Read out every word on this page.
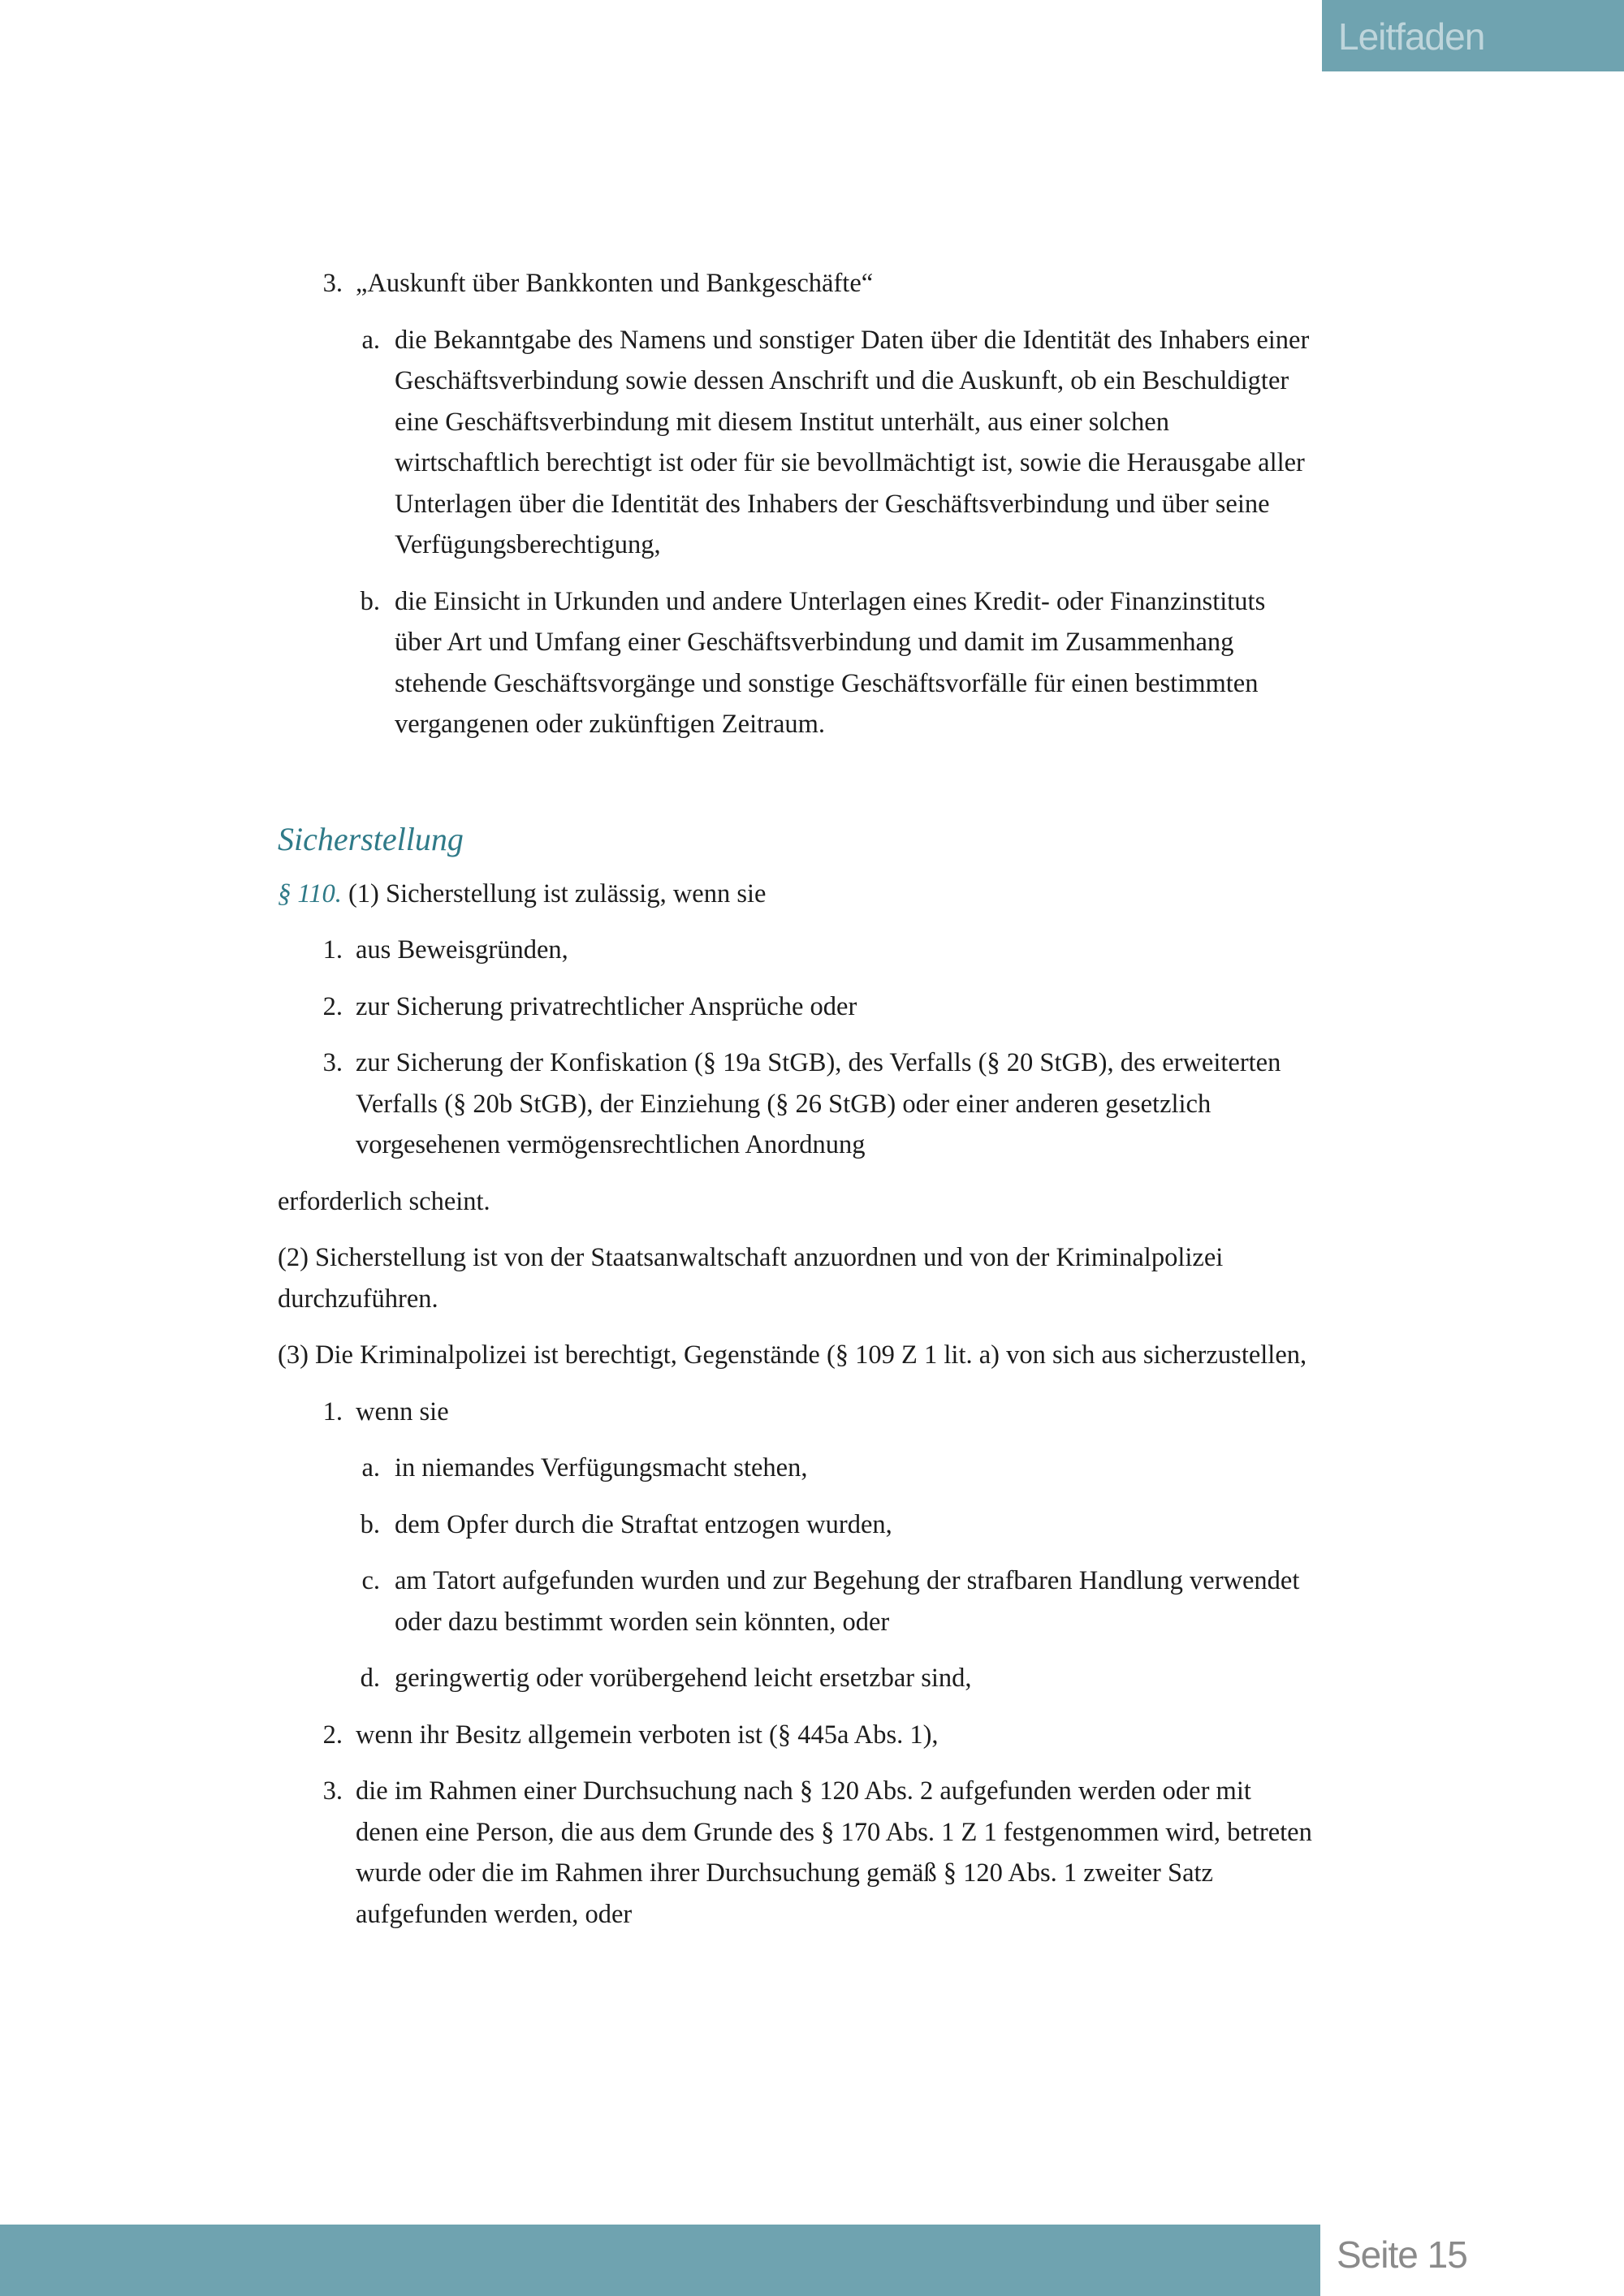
Leitfaden
3. „Auskunft über Bankkonten und Bankgeschäfte“
a. die Bekanntgabe des Namens und sonstiger Daten über die Identität des Inhabers einer Geschäftsverbindung sowie dessen Anschrift und die Auskunft, ob ein Beschuldigter eine Geschäftsverbindung mit diesem Institut unterhält, aus einer solchen wirtschaftlich berechtigt ist oder für sie bevollmächtigt ist, sowie die Herausgabe aller Unterlagen über die Identität des Inhabers der Geschäftsverbindung und über seine Verfügungsberechtigung,
b. die Einsicht in Urkunden und andere Unterlagen eines Kredit- oder Finanzinstituts über Art und Umfang einer Geschäftsverbindung und damit im Zusammenhang stehende Geschäftsvorgänge und sonstige Geschäftsvorfälle für einen bestimmten vergangenen oder zukünftigen Zeitraum.
Sicherstellung
§ 110. (1) Sicherstellung ist zulässig, wenn sie
1. aus Beweisgründen,
2. zur Sicherung privatrechtlicher Ansprüche oder
3. zur Sicherung der Konfiskation (§ 19a StGB), des Verfalls (§ 20 StGB), des erweiterten Verfalls (§ 20b StGB), der Einziehung (§ 26 StGB) oder einer anderen gesetzlich vorgesehenen vermögensrechtlichen Anordnung
erforderlich scheint.
(2) Sicherstellung ist von der Staatsanwaltschaft anzuordnen und von der Kriminalpolizei durchzuführen.
(3) Die Kriminalpolizei ist berechtigt, Gegenstände (§ 109 Z 1 lit. a) von sich aus sicherzustellen,
1. wenn sie
a. in niemandes Verfügungsmacht stehen,
b. dem Opfer durch die Straftat entzogen wurden,
c. am Tatort aufgefunden wurden und zur Begehung der strafbaren Handlung verwendet oder dazu bestimmt worden sein könnten, oder
d. geringwertig oder vorübergehend leicht ersetzbar sind,
2. wenn ihr Besitz allgemein verboten ist (§ 445a Abs. 1),
3. die im Rahmen einer Durchsuchung nach § 120 Abs. 2 aufgefunden werden oder mit denen eine Person, die aus dem Grunde des § 170 Abs. 1 Z 1 festgenommen wird, betreten wurde oder die im Rahmen ihrer Durchsuchung gemäß § 120 Abs. 1 zweiter Satz aufgefunden werden, oder
Seite 15
